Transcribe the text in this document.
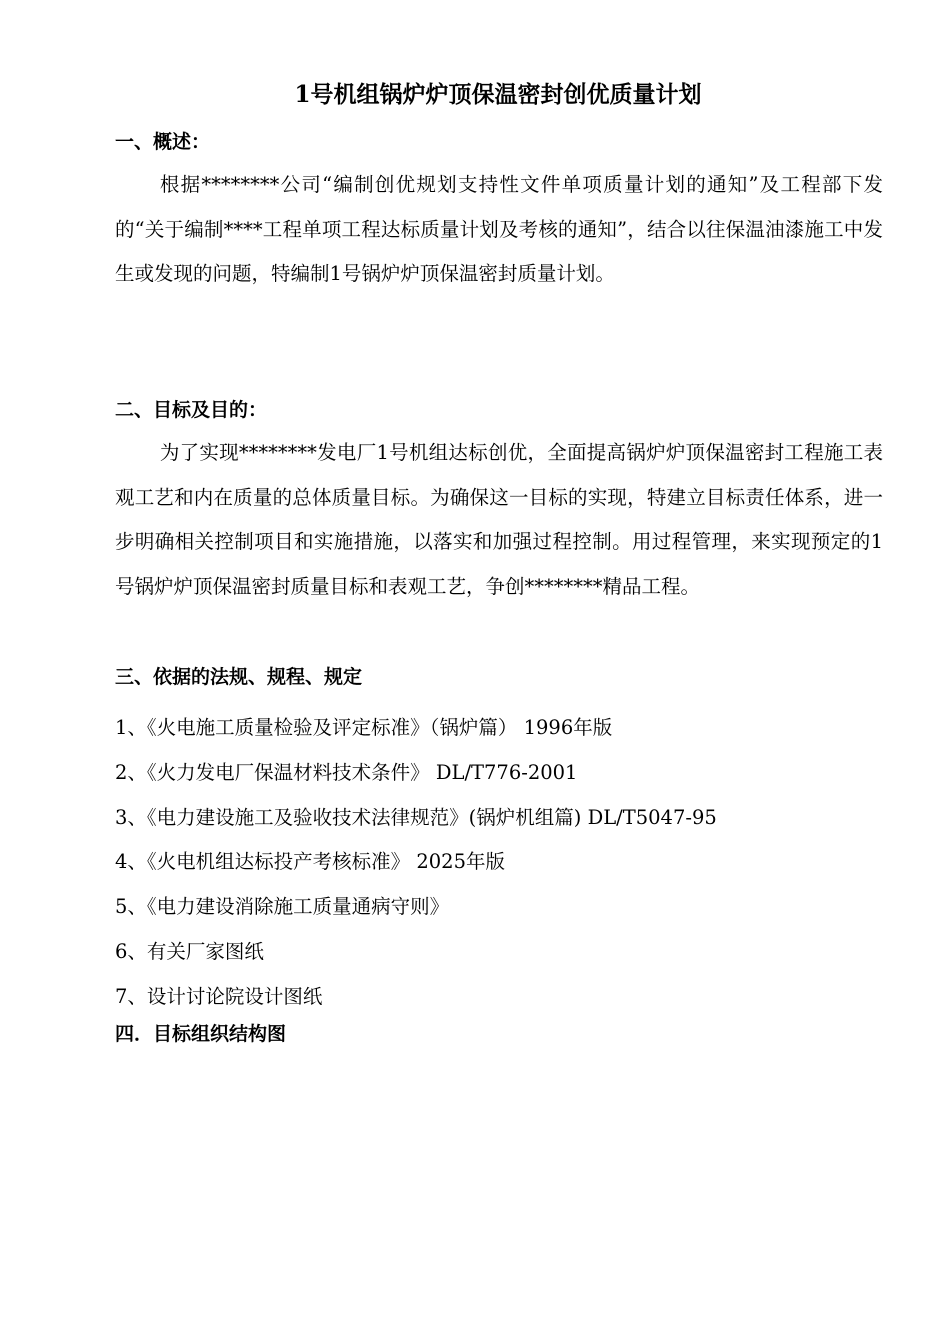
1号机组锅炉炉顶保温密封创优质量计划
一、概述：
根据********公司“编制创优规划支持性文件单项质量计划的通知”及工程部下发的“关于编制****工程单项工程达标质量计划及考核的通知”，结合以往保温油漆施工中发生或发现的问题，特编制1号锅炉炉顶保温密封质量计划。
二、目标及目的：
为了实现********发电厂1号机组达标创优，全面提高锅炉炉顶保温密封工程施工表观工艺和内在质量的总体质量目标。为确保这一目标的实现，特建立目标责任体系，进一步明确相关控制项目和实施措施，以落实和加强过程控制。用过程管理，来实现预定的1号锅炉炉顶保温密封质量目标和表观工艺，争创********精品工程。
三、依据的法规、规程、规定
1、《火电施工质量检验及评定标准》（锅炉篇） 1996年版
2、《火力发电厂保温材料技术条件》 DL/T776-2001
3、《电力建设施工及验收技术法律规范》(锅炉机组篇) DL/T5047-95
4、《火电机组达标投产考核标准》 2025年版
5、《电力建设消除施工质量通病守则》
6、有关厂家图纸
7、设计讨论院设计图纸
四．目标组织结构图
